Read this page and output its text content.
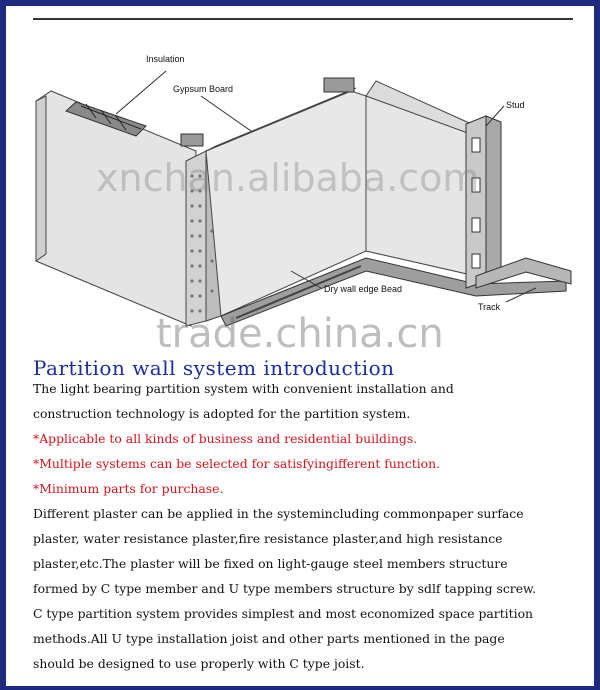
Insulation
Gypsum Board
Stud
Dry wall edge Bead
Track
xnchan.alibaba.com
trade.china.cn
Partition wall system introduction
The light bearing partition system with convenient installation and
construction technology is adopted for the partition system.
*Applicable to all kinds of business and residential buildings.
*Multiple systems can be selected for satisfyingifferent function.
*Minimum parts for purchase.
Different plaster can be applied in the systemincluding commonpaper surface
plaster, water resistance plaster,fire resistance plaster,and high resistance
plaster,etc.The plaster will be fixed on light-gauge steel members structure
formed by C type member and U type members structure by sdlf tapping screw.
C type partition system provides simplest and most economized space partition
methods.All U type installation joist and other parts mentioned in the page
should be designed to use properly with C type joist.
